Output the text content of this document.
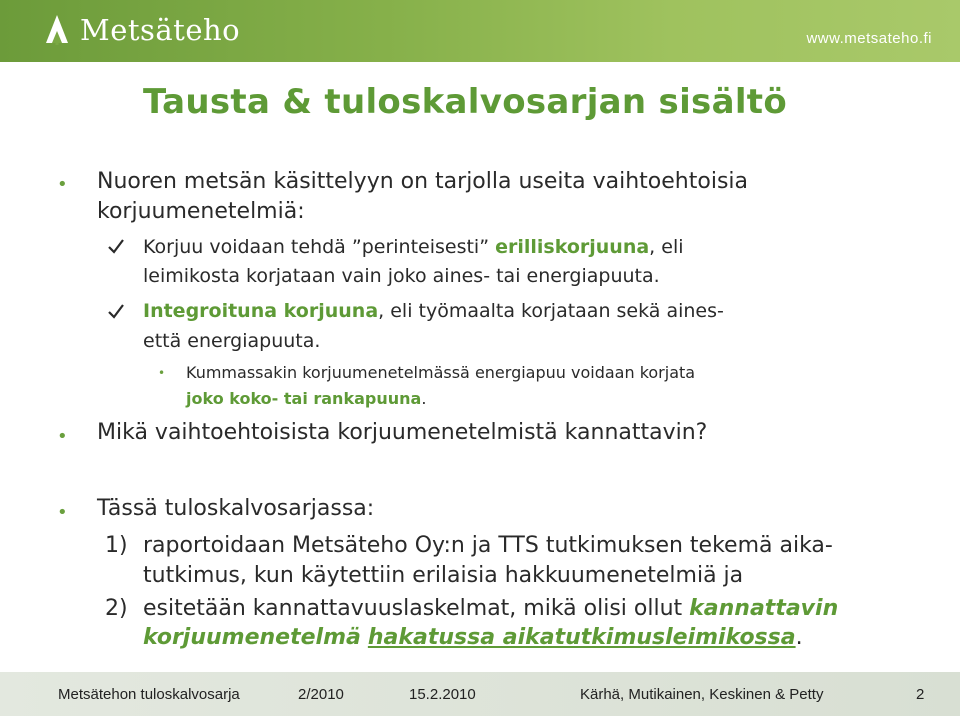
Metsäteho	www.metsateho.fi
Tausta & tuloskalvosarjan sisältö
• Nuoren metsän käsittelyyn on tarjolla useita vaihtoehtoisia
korjuumenetelmiä:
Korjuu voidaan tehdä ”perinteisesti” erilliskorjuuna, eli
leimikosta korjataan vain joko aines- tai energiapuuta.
Integroituna korjuuna, eli työmaalta korjataan sekä aines-
että energiapuuta.
• Kummassakin korjuumenetelmässä energiapuu voidaan korjata
joko koko- tai rankapuuna.
• Mikä vaihtoehtoisista korjuumenetelmistä kannattavin?
• Tässä tuloskalvosarjassa:
1) raportoidaan Metsäteho Oy:n ja TTS tutkimuksen tekemä aika-
tutkimus, kun käytettiin erilaisia hakkuumenetelmiä ja
2) esitetään kannattavuuslaskelmat, mikä olisi ollut kannattavin
korjuumenetelmä hakatussa aikatutkimusleimikossa.
Metsätehon tuloskalvosarja	2/2010	15.2.2010	Kärhä, Mutikainen, Keskinen & Petty	2
